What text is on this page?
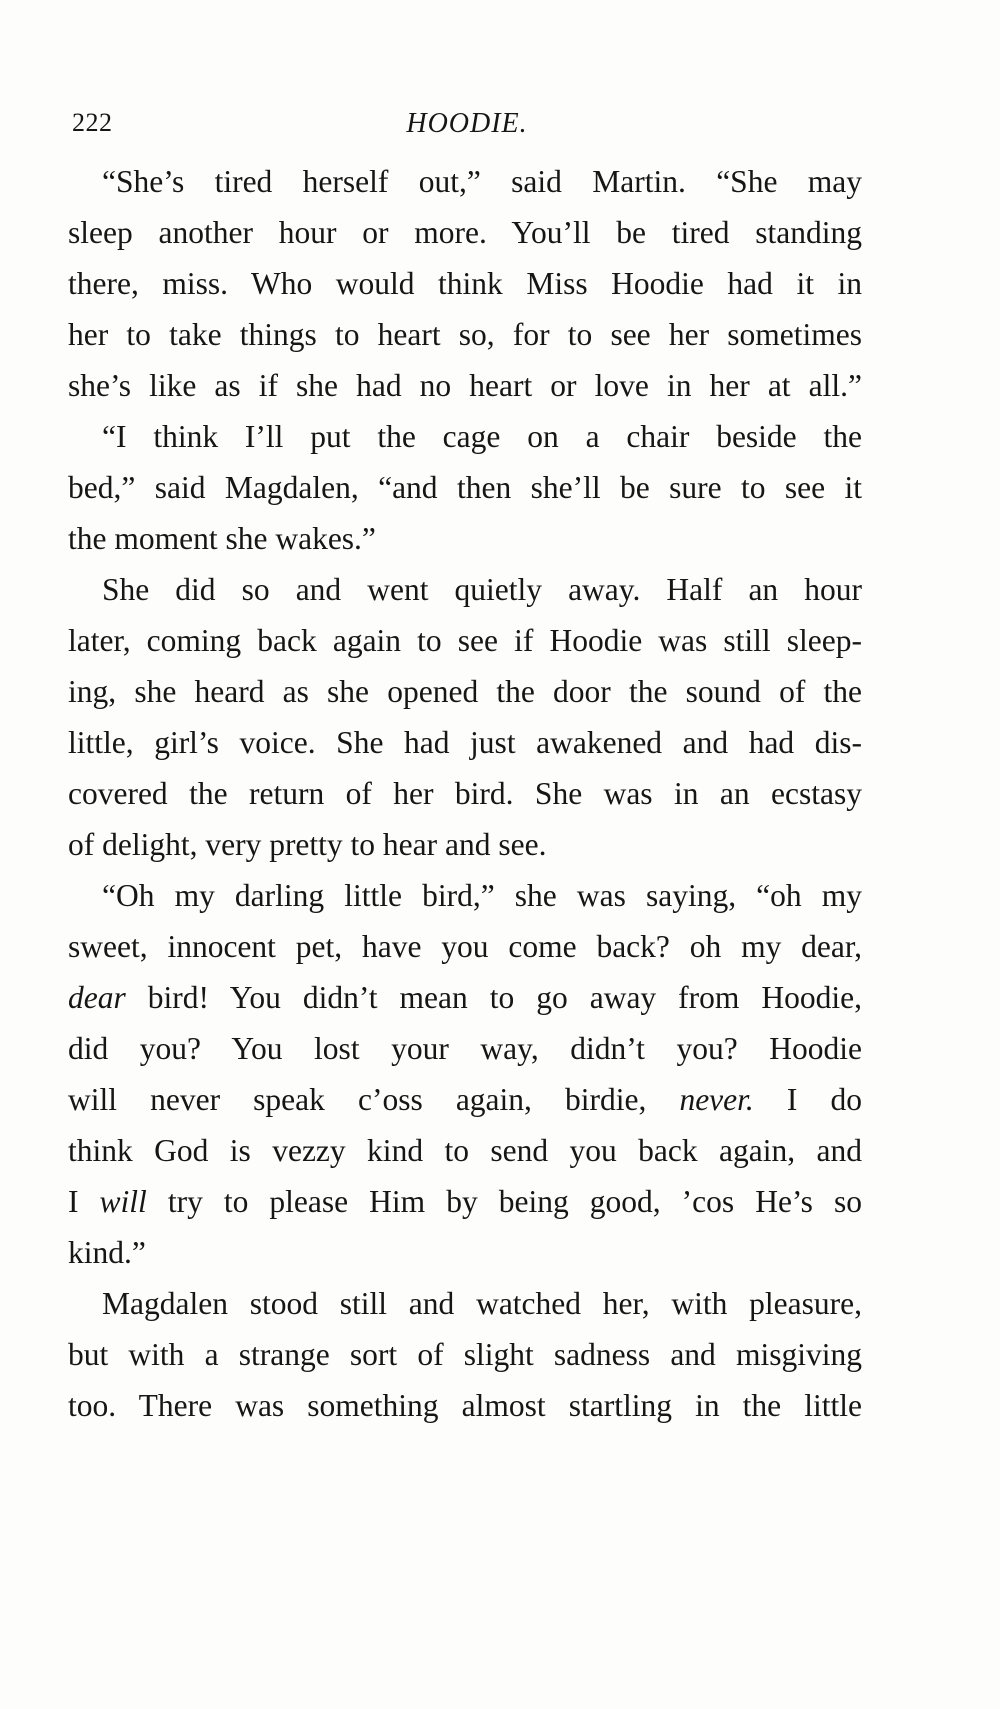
222	HOODIE.
“She’s tired herself out,” said Martin. “She may
sleep another hour or more. You’ll be tired standing
there, miss. Who would think Miss Hoodie had it in
her to take things to heart so, for to see her sometimes
she’s like as if she had no heart or love in her at all.”
“I think I’ll put the cage on a chair beside the
bed,” said Magdalen, “and then she’ll be sure to see it
the moment she wakes.”
She did so and went quietly away. Half an hour
later, coming back again to see if Hoodie was still sleep-
ing, she heard as she opened the door the sound of the
little, girl’s voice. She had just awakened and had dis-
covered the return of her bird. She was in an ecstasy
of delight, very pretty to hear and see.
“Oh my darling little bird,” she was saying, “oh my
sweet, innocent pet, have you come back? oh my dear,
dear bird! You didn’t mean to go away from Hoodie,
did you? You lost your way, didn’t you? Hoodie
will never speak c’oss again, birdie, never. I do
think God is vezzy kind to send you back again, and
I will try to please Him by being good, ’cos He’s so
kind.”
Magdalen stood still and watched her, with pleasure,
but with a strange sort of slight sadness and misgiving
too. There was something almost startling in the little
